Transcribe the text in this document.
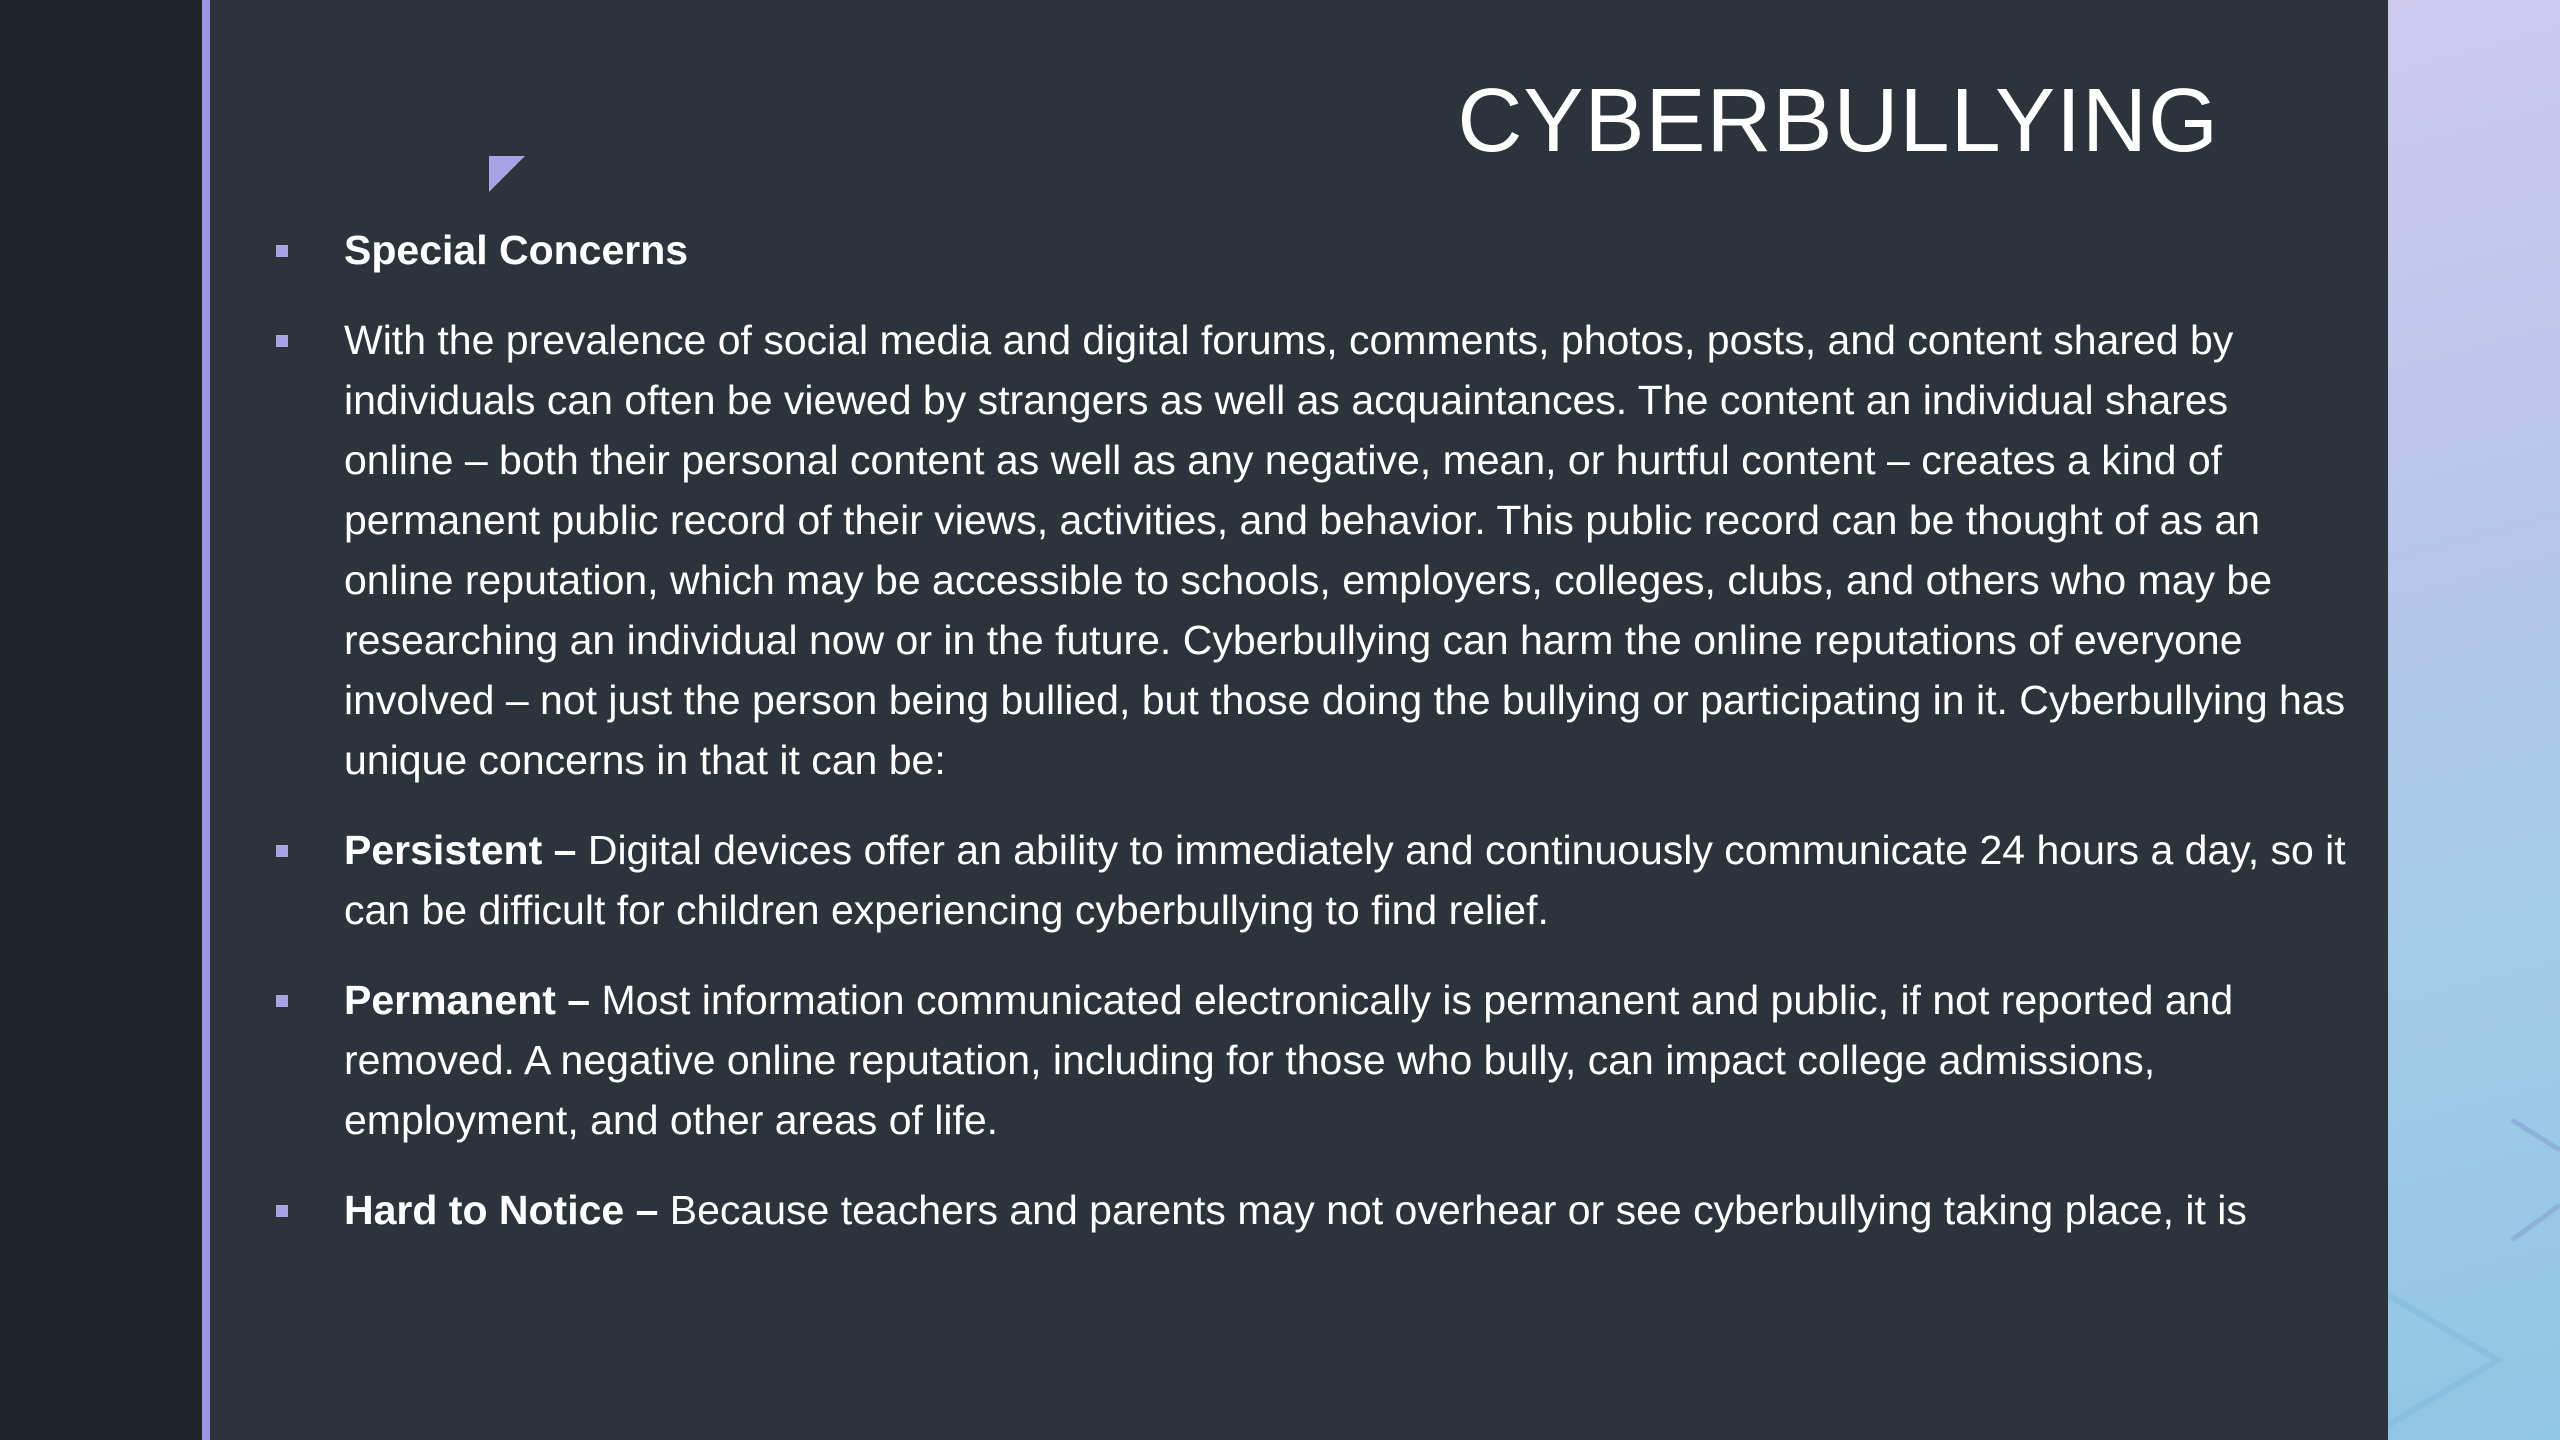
CYBERBULLYING
Special Concerns
With the prevalence of social media and digital forums, comments, photos, posts, and content shared by individuals can often be viewed by strangers as well as acquaintances. The content an individual shares online – both their personal content as well as any negative, mean, or hurtful content – creates a kind of permanent public record of their views, activities, and behavior. This public record can be thought of as an online reputation, which may be accessible to schools, employers, colleges, clubs, and others who may be researching an individual now or in the future. Cyberbullying can harm the online reputations of everyone involved – not just the person being bullied, but those doing the bullying or participating in it. Cyberbullying has unique concerns in that it can be:
Persistent – Digital devices offer an ability to immediately and continuously communicate 24 hours a day, so it can be difficult for children experiencing cyberbullying to find relief.
Permanent – Most information communicated electronically is permanent and public, if not reported and removed. A negative online reputation, including for those who bully, can impact college admissions, employment, and other areas of life.
Hard to Notice – Because teachers and parents may not overhear or see cyberbullying taking place, it is
